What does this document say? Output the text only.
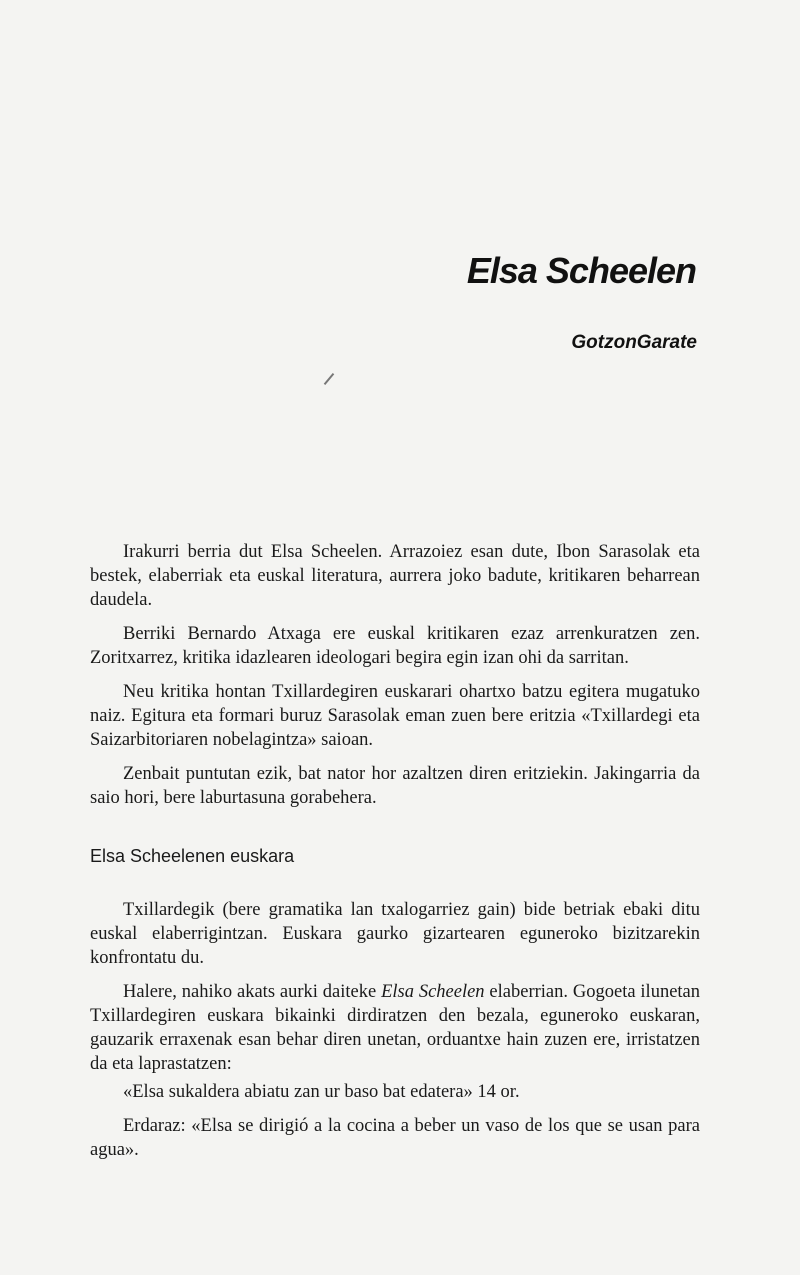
Elsa Scheelen
GotzonGarate

Irakurri berria dut Elsa Scheelen. Arrazoiez esan dute, Ibon Sarasolak eta bestek, elaberriak eta euskal literatura, aurrera joko badute, kritikaren beharrean daudela.

Berriki Bernardo Atxaga ere euskal kritikaren ezaz arrenkuratzen zen. Zoritxarrez, kritika idazlearen ideologari begira egin izan ohi da sarritan.

Neu kritika hontan Txillardegiren euskarari ohartxo batzu egitera mugatuko naiz. Egitura eta formari buruz Sarasolak eman zuen bere eritzia «Txillardegi eta Saizarbitoriaren nobelagintza» saioan.

Zenbait puntutan ezik, bat nator hor azaltzen diren eritziekin. Jakingarria da saio hori, bere laburtasuna gorabehera.

Elsa Scheelenen euskara

Txillardegik (bere gramatika lan txalogarriez gain) bide betriak ebaki ditu euskal elaberrigintzan. Euskara gaurko gizartearen eguneroko bizitzarekin konfrontatu du.

Halere, nahiko akats aurki daiteke Elsa Scheelen elaberrian. Gogoeta ilunetan Txillardegiren euskara bikainki dirdiratzen den bezala, eguneroko euskaran, gauzarik erraxenak esan behar diren unetan, orduantxe hain zuzen ere, irristatzen da eta laprastatzen:

«Elsa sukaldera abiatu zan ur baso bat edatera» 14 or.

Erdaraz: «Elsa se dirigió a la cocina a beber un vaso de los que se usan para agua».
